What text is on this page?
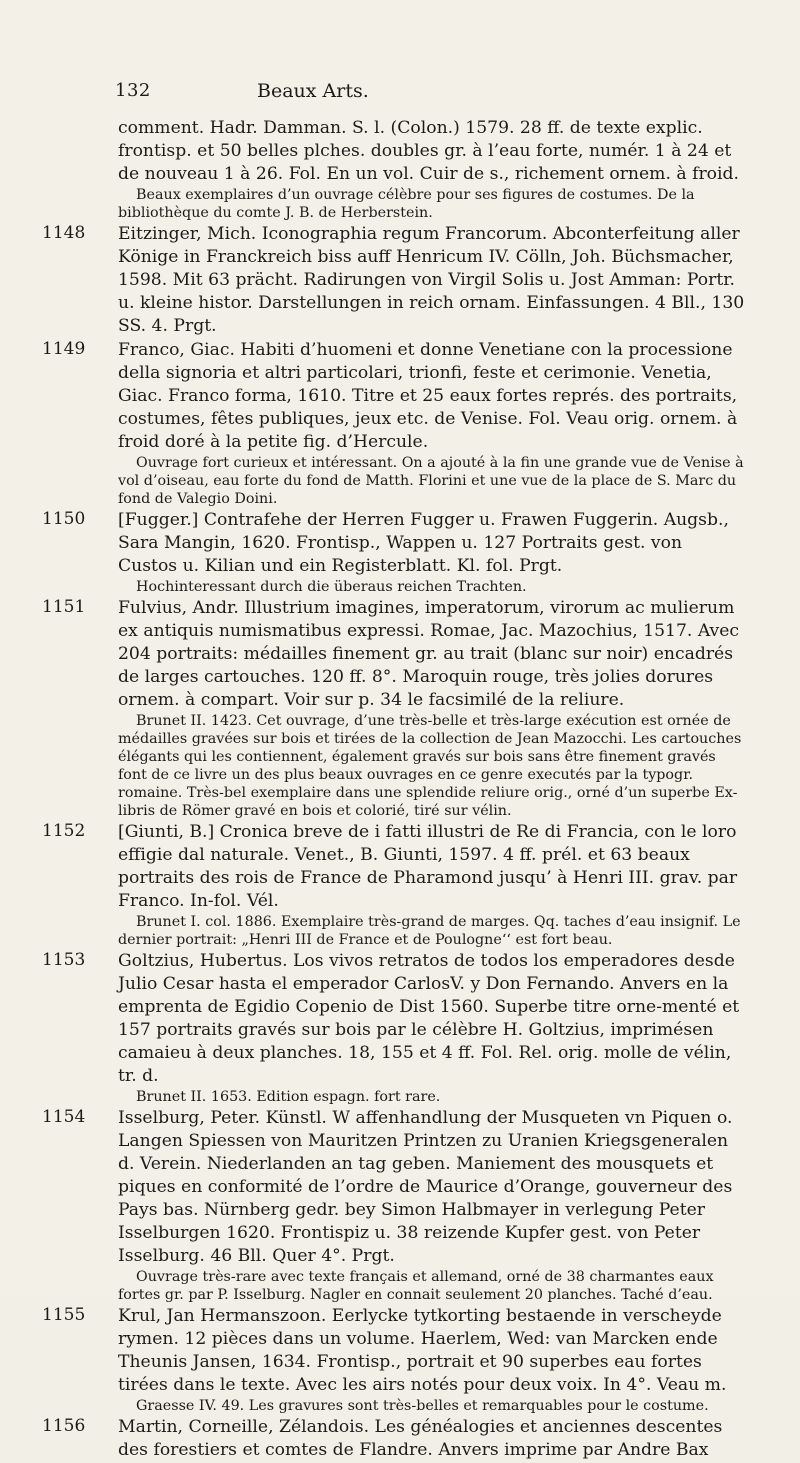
132	Beaux Arts.

comment. Hadr. Damman. S. l. (Colon.) 1579. 28 ff. de texte explic. frontisp. et 50 belles plches. doubles gr. à l’eau forte, numér. 1 à 24 et de nouveau 1 à 26. Fol. En un vol. Cuir de s., richement ornem. à froid.

Beaux exemplaires d’un ouvrage célèbre pour ses figures de costumes. De la bibliothèque du comte J. B. de Herberstein.

1148	Eitzinger, Mich. Iconographia regum Francorum. Abconterfeitung aller Könige in Franckreich biss auff Henricum IV. Cölln, Joh. Büchsmacher, 1598. Mit 63 prächt. Radirungen von Virgil Solis u. Jost Amman: Portr. u. kleine histor. Darstellungen in reich ornam. Einfassungen. 4 Bll., 130 SS. 4. Prgt.

1149	Franco, Giac. Habiti d’huomeni et donne Venetiane con la processione della signoria et altri particolari, trionfi, feste et cerimonie. Venetia, Giac. Franco forma, 1610. Titre et 25 eaux fortes représ. des portraits, costumes, fêtes publiques, jeux etc. de Venise. Fol. Veau orig. ornem. à froid doré à la petite fig. d’Hercule.

Ouvrage fort curieux et intéressant. On a ajouté à la fin une grande vue de Venise à vol d’oiseau, eau forte du fond de Matth. Florini et une vue de la place de S. Marc du fond de Valegio Doini.

1150	[Fugger.] Contrafehe der Herren Fugger u. Frawen Fuggerin. Augsb., Sara Mangin, 1620. Frontisp., Wappen u. 127 Portraits gest. von Custos u. Kilian und ein Registerblatt. Kl. fol. Prgt.

Hochinteressant durch die überaus reichen Trachten.

1151	Fulvius, Andr. Illustrium imagines, imperatorum, virorum ac mulierum ex antiquis numismatibus expressi. Romae, Jac. Mazochius, 1517. Avec 204 portraits: médailles finement gr. au trait (blanc sur noir) encadrés de larges cartouches. 120 ff. 8°. Maroquin rouge, très jolies dorures ornem. à compart. Voir sur p. 34 le facsimilé de la reliure.

Brunet II. 1423. Cet ouvrage, d’une très-belle et très-large exécution est ornée de médailles gravées sur bois et tirées de la collection de Jean Mazocchi. Les cartouches élégants qui les contiennent, également gravés sur bois sans être finement gravés font de ce livre un des plus beaux ouvrages en ce genre executés par la typogr. romaine. Très-bel exemplaire dans une splendide reliure orig., orné d’un superbe Ex-libris de Römer gravé en bois et colorié, tiré sur vélin.

1152	[Giunti, B.] Cronica breve de i fatti illustri de Re di Francia, con le loro effigie dal naturale. Venet., B. Giunti, 1597. 4 ff. prél. et 63 beaux portraits des rois de France de Pharamond jusqu’ à Henri III. grav. par Franco. In-fol. Vél.

Brunet I. col. 1886. Exemplaire très-grand de marges. Qq. taches d’eau insignif. Le dernier portrait: „Henri III de France et de Poulogne‘‘ est fort beau.

1153	Goltzius, Hubertus. Los vivos retratos de todos los emperadores desde Julio Cesar hasta el emperador CarlosV. y Don Fernando. Anvers en la emprenta de Egidio Copenio de Dist 1560. Superbe titre orne-menté et 157 portraits gravés sur bois par le célèbre H. Goltzius, imprimésen camaieu à deux planches. 18, 155 et 4 ff. Fol. Rel. orig. molle de vélin, tr. d.

Brunet II. 1653. Edition espagn. fort rare.

1154	Isselburg, Peter. Künstl. W affenhandlung der Musqueten vn Piquen o. Langen Spiessen von Mauritzen Printzen zu Uranien Kriegsgeneralen d. Verein. Niederlanden an tag geben. Maniement des mousquets et piques en conformité de l’ordre de Maurice d’Orange, gouverneur des Pays bas. Nürnberg gedr. bey Simon Halbmayer in verlegung Peter Isselburgen 1620. Frontispiz u. 38 reizende Kupfer gest. von Peter Isselburg. 46 Bll. Quer 4°. Prgt.

Ouvrage très-rare avec texte français et allemand, orné de 38 charmantes eaux fortes gr. par P. Isselburg. Nagler en connait seulement 20 planches. Taché d’eau.

1155	Krul, Jan Hermanszoon. Eerlycke tytkorting bestaende in verscheyde rymen. 12 pièces dans un volume. Haerlem, Wed: van Marcken ende Theunis Jansen, 1634. Frontisp., portrait et 90 superbes eau fortes tirées dans le texte. Avec les airs notés pour deux voix. In 4°. Veau m.

Graesse IV. 49. Les gravures sont très-belles et remarquables pour le costume.

1156	Martin, Corneille, Zélandois. Les généalogies et anciennes descentes des forestiers et comtes de Flandre. Anvers imprime par Andre Bax
